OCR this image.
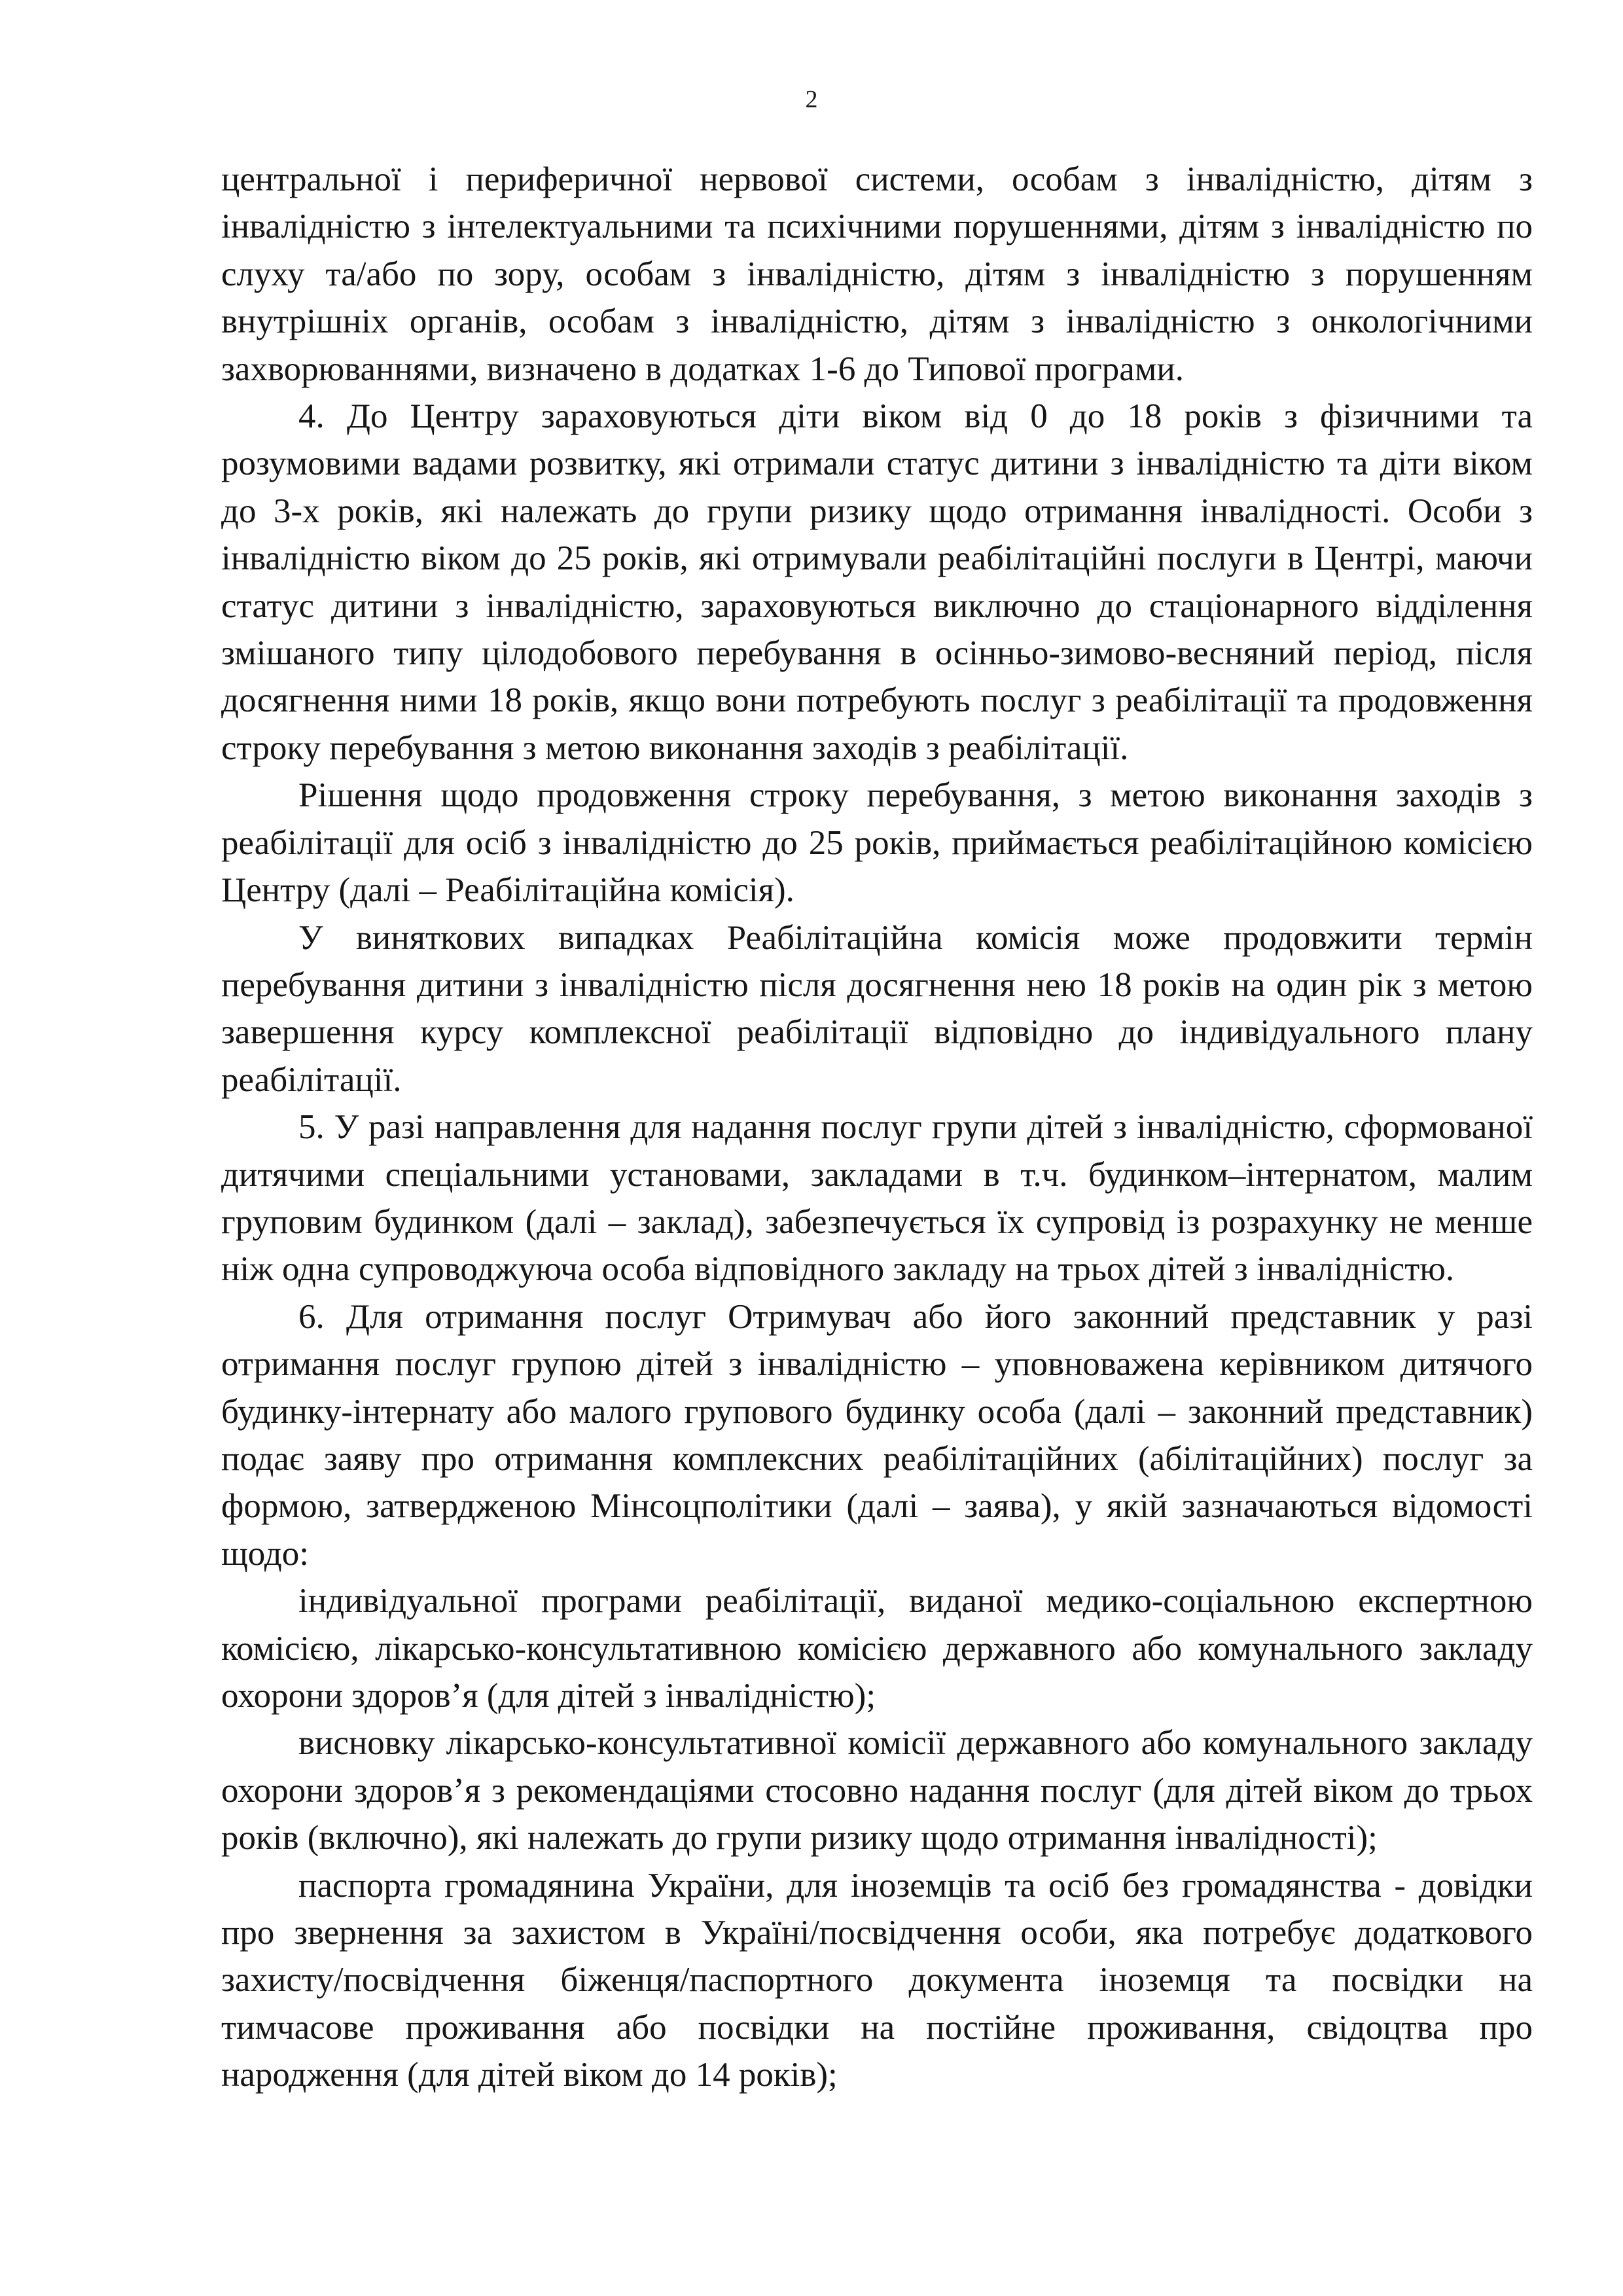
2

центральної і периферичної нервової системи, особам з інвалідністю, дітям з інвалідністю з інтелектуальними та психічними порушеннями, дітям з інвалідністю по слуху та/або по зору, особам з інвалідністю, дітям з інвалідністю з порушенням внутрішніх органів, особам з інвалідністю, дітям з інвалідністю з онкологічними захворюваннями, визначено в додатках 1-6 до Типової програми.

4. До Центру зараховуються діти віком від 0 до 18 років з фізичними та розумовими вадами розвитку, які отримали статус дитини з інвалідністю та діти віком до 3-х років, які належать до групи ризику щодо отримання інвалідності. Особи з інвалідністю віком до 25 років, які отримували реабілітаційні послуги в Центрі, маючи статус дитини з інвалідністю, зараховуються виключно до стаціонарного відділення змішаного типу цілодобового перебування в осінньо-зимово-весняний період, після досягнення ними 18 років, якщо вони потребують послуг з реабілітації та продовження строку перебування з метою виконання заходів з реабілітації.

Рішення щодо продовження строку перебування, з метою виконання заходів з реабілітації для осіб з інвалідністю до 25 років, приймається реабілітаційною комісією Центру (далі – Реабілітаційна комісія).

У виняткових випадках Реабілітаційна комісія може продовжити термін перебування дитини з інвалідністю після досягнення нею 18 років на один рік з метою завершення курсу комплексної реабілітації відповідно до індивідуального плану реабілітації.

5. У разі направлення для надання послуг групи дітей з інвалідністю, сформованої дитячими спеціальними установами, закладами в т.ч. будинком–інтернатом, малим груповим будинком (далі – заклад), забезпечується їх супровід із розрахунку не менше ніж одна супроводжуюча особа відповідного закладу на трьох дітей з інвалідністю.

6. Для отримання послуг Отримувач або його законний представник у разі отримання послуг групою дітей з інвалідністю – уповноважена керівником дитячого будинку-інтернату або малого групового будинку особа (далі – законний представник) подає заяву про отримання комплексних реабілітаційних (абілітаційних) послуг за формою, затвердженою Мінсоцполітики (далі – заява), у якій зазначаються відомості щодо:

індивідуальної програми реабілітації, виданої медико-соціальною експертною комісією, лікарсько-консультативною комісією державного або комунального закладу охорони здоров’я (для дітей з інвалідністю);

висновку лікарсько-консультативної комісії державного або комунального закладу охорони здоров’я з рекомендаціями стосовно надання послуг (для дітей віком до трьох років (включно), які належать до групи ризику щодо отримання інвалідності);

паспорта громадянина України, для іноземців та осіб без громадянства - довідки про звернення за захистом в Україні/посвідчення особи, яка потребує додаткового захисту/посвідчення біженця/паспортного документа іноземця та посвідки на тимчасове проживання або посвідки на постійне проживання, свідоцтва про народження (для дітей віком до 14 років);
